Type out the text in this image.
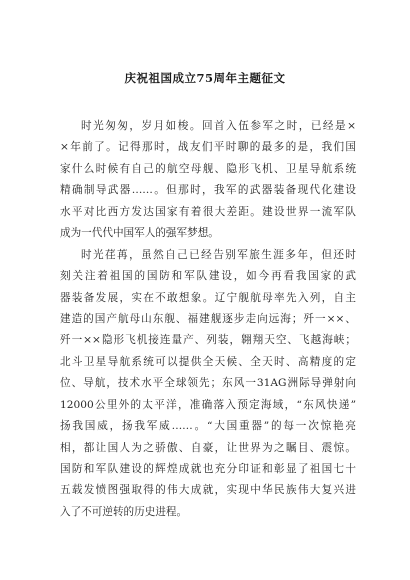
庆祝祖国成立75周年主题征文
时光匆匆，岁月如梭。回首入伍参军之时，已经是×
×年前了。记得那时，战友们平时聊的最多的是，我们国
家什么时候有自己的航空母舰、隐形飞机、卫星导航系统
精确制导武器……。但那时，我军的武器装备现代化建设
水平对比西方发达国家有着很大差距。建设世界一流军队
成为一代代中国军人的强军梦想。
时光荏苒，虽然自己已经告别军旅生涯多年，但还时
刻关注着祖国的国防和军队建设，如今再看我国家的武
器装备发展，实在不敢想象。辽宁舰航母率先入列，自主
建造的国产航母山东舰、福建舰逐步走向远海；歼一××、
歼一××隐形飞机接连量产、列装，翱翔天空、飞越海峡；
北斗卫星导航系统可以提供全天候、全天时、高精度的定
位、导航，技术水平全球领先；东风一31AG洲际导弹射向
12000公里外的太平洋，准确落入预定海域，“东风快递”
扬我国威，扬我军威……。“大国重器”的每一次惊艳亮
相，都让国人为之骄傲、自豪，让世界为之瞩目、震惊。
国防和军队建设的辉煌成就也充分印证和彰显了祖国七十
五载发愤图强取得的伟大成就，实现中华民族伟大复兴进
入了不可逆转的历史进程。
